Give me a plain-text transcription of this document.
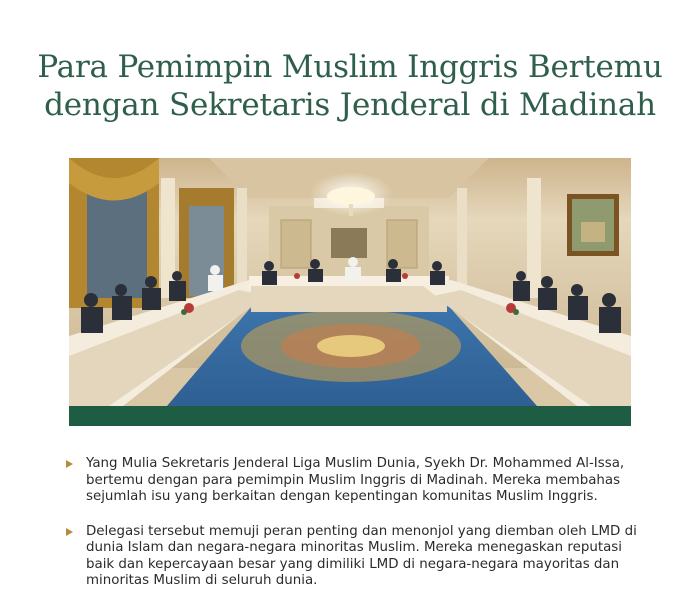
Para Pemimpin Muslim Inggris Bertemu
dengan Sekretaris Jenderal di Madinah
Yang Mulia Sekretaris Jenderal Liga Muslim Dunia, Syekh Dr. Mohammed Al-Issa, bertemu dengan para pemimpin Muslim Inggris di Madinah. Mereka membahas sejumlah isu yang berkaitan dengan kepentingan komunitas Muslim Inggris.
Delegasi tersebut memuji peran penting dan menonjol yang diemban oleh LMD di dunia Islam dan negara-negara minoritas Muslim. Mereka menegaskan reputasi baik dan kepercayaan besar yang dimiliki LMD di negara-negara mayoritas dan minoritas Muslim di seluruh dunia.
